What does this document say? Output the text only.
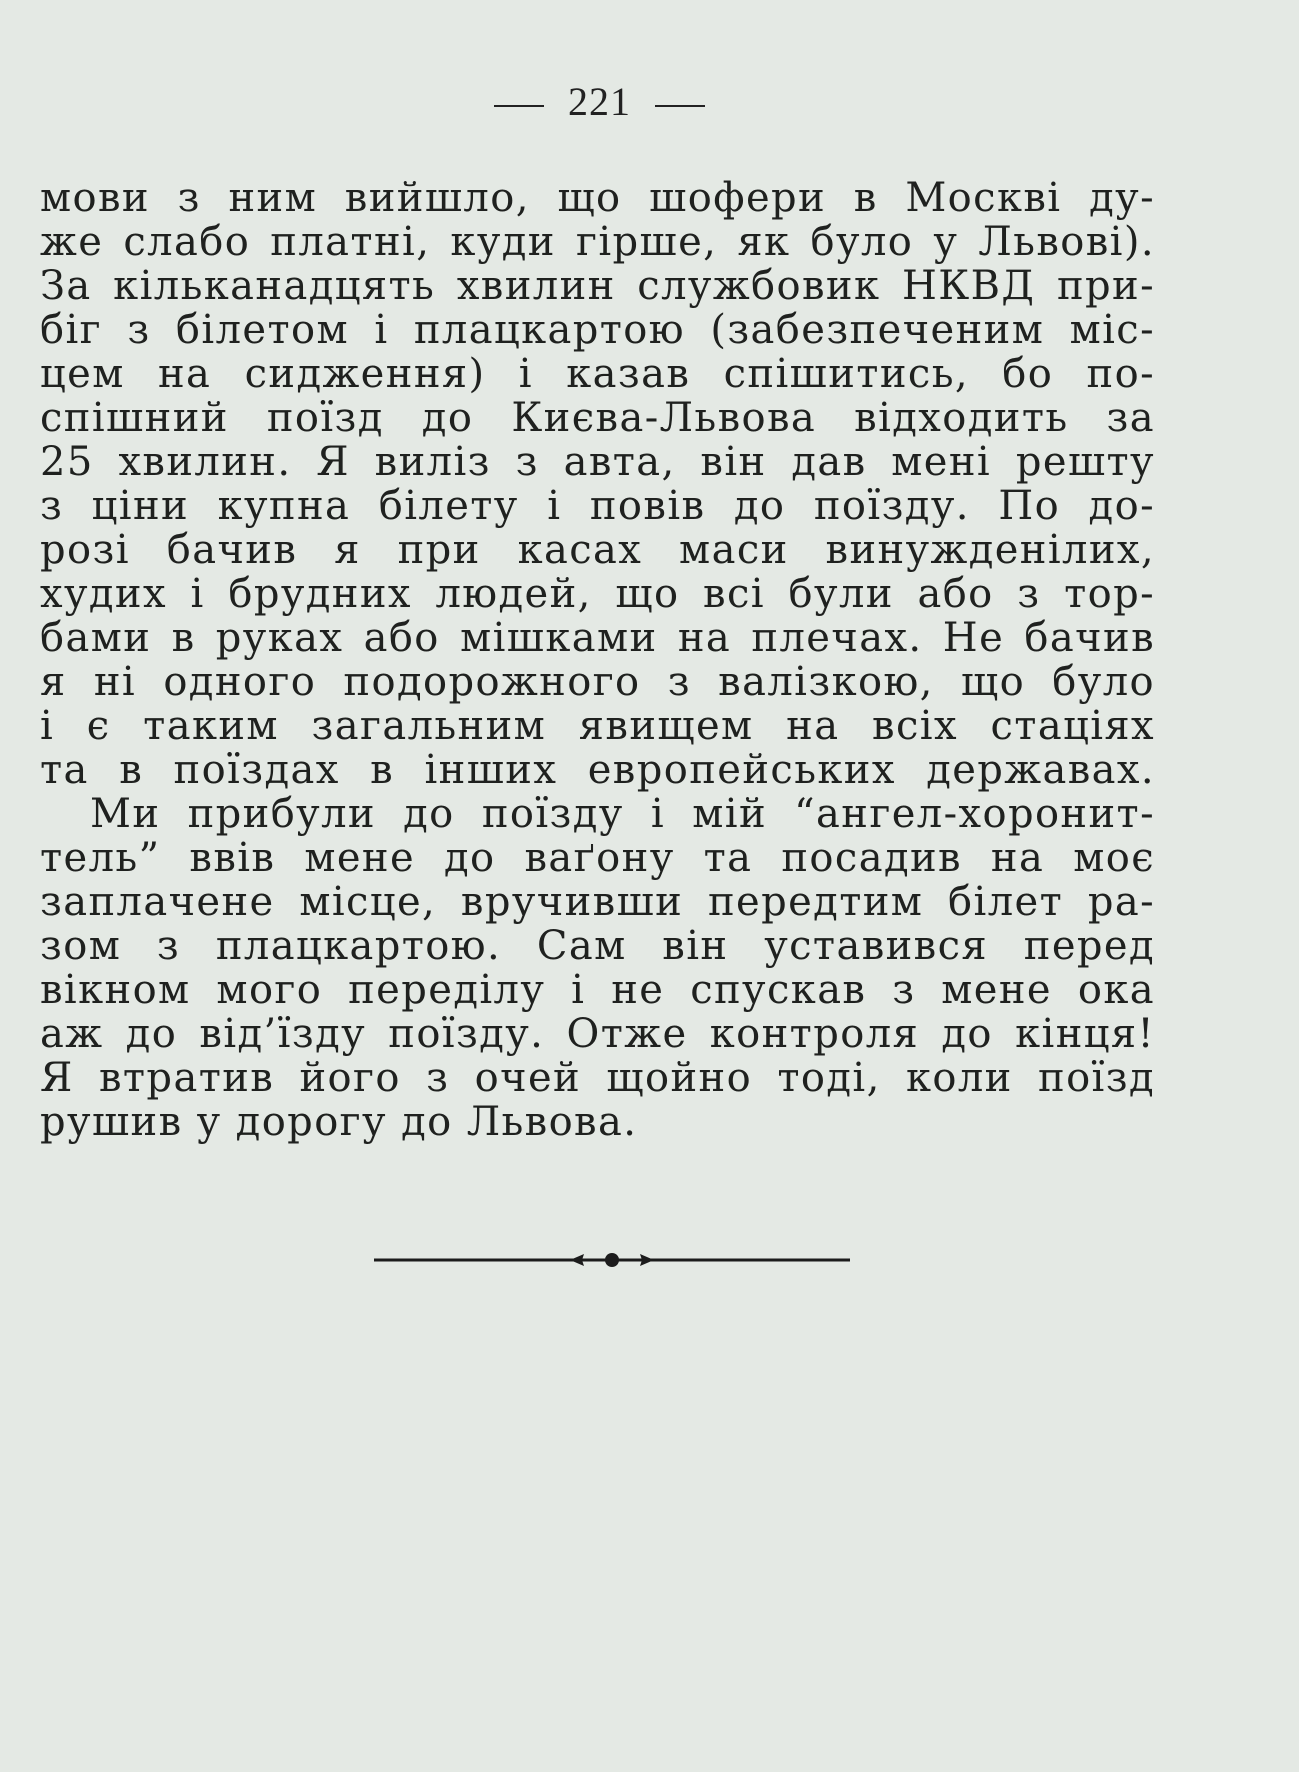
221
мови з ним вийшло, що шофери в Москві ду-
же слабо платні, куди гірше, як було у Львові).
За кільканадцять хвилин службовик НКВД при-
біг з білетом і плацкартою (забезпеченим міс-
цем на сидження) і казав спішитись, бо по-
спішний поїзд до Києва-Львова відходить за
25 хвилин. Я виліз з авта, він дав мені решту
з ціни купна білету і повів до поїзду. По до-
розі бачив я при касах маси винужденілих,
худих і брудних людей, що всі були або з тор-
бами в руках або мішками на плечах. Не бачив
я ні одного подорожного з валізкою, що було
і є таким загальним явищем на всіх стаціях
та в поїздах в інших европейських державах.
Ми прибули до поїзду і мій “ангел-хоронит-
тель” ввів мене до ваґону та посадив на моє
заплачене місце, вручивши передтим білет ра-
зом з плацкартою. Сам він уставився перед
вікном мого переділу і не спускав з мене ока
аж до від’їзду поїзду. Отже контроля до кінця!
Я втратив його з очей щойно тоді, коли поїзд
рушив у дорогу до Львова.
